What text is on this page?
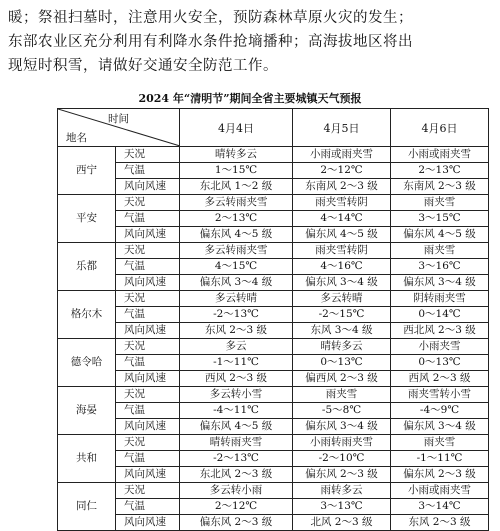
暖；祭祖扫墓时，注意用火安全，预防森林草原火灾的发生；
东部农业区充分利用有利降水条件抢墒播种；高海拔地区将出
现短时积雪，请做好交通安全防范工作。
2024 年“清明节”期间全省主要城镇天气预报
时间
地名		4月4日	4月5日	4月6日
西宁	天况	晴转多云	小雨或雨夹雪	小雨或雨夹雪
	气温	1～15℃	2～12℃	2～13℃
	风向风速	东北风 1～2 级	东南风 2～3 级	东南风 2～3 级
平安	天况	多云转雨夹雪	雨夹雪转阴	雨夹雪
	气温	2～13℃	4～14℃	3～15℃
	风向风速	偏东风 4～5 级	偏东风 4～5 级	偏东风 4～5 级
乐都	天况	多云转雨夹雪	雨夹雪转阴	雨夹雪
	气温	4～15℃	4～16℃	3～16℃
	风向风速	偏东风 3～4 级	偏东风 3～4 级	偏东风 3～4 级
格尔木	天况	多云转晴	多云转晴	阴转雨夹雪
	气温	-2～13℃	-2～15℃	0～14℃
	风向风速	东风 2～3 级	东风 3～4 级	西北风 2～3 级
德令哈	天况	多云	晴转多云	小雨夹雪
	气温	-1～11℃	0～13℃	0～13℃
	风向风速	西风 2～3 级	偏西风 2～3 级	西风 2～3 级
海晏	天况	多云转小雪	雨夹雪	雨夹雪转小雪
	气温	-4～11℃	-5～8℃	-4～9℃
	风向风速	偏东风 4～5 级	偏东风 3～4 级	偏东风 3～4 级
共和	天况	晴转雨夹雪	小雨转雨夹雪	雨夹雪
	气温	-2～13℃	-2～10℃	-1～11℃
	风向风速	东北风 2～3 级	偏东风 2～3 级	偏东风 2～3 级
同仁	天况	多云转小雨	雨转多云	小雨或雨夹雪
	气温	2～12℃	3～13℃	3～14℃
	风向风速	偏东风 2～3 级	北风 2～3 级	东风 2～3 级
